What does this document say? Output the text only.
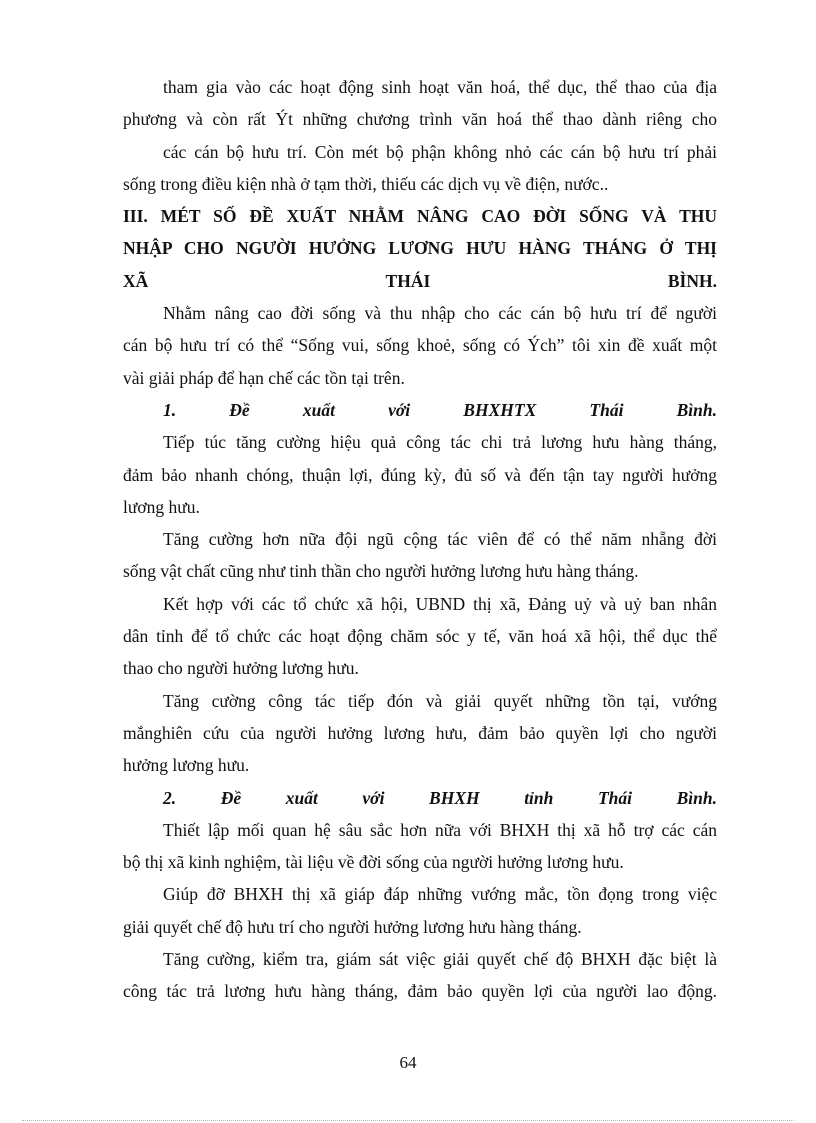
tham gia vào các hoạt động sinh hoạt văn hoá, thể dục, thể thao của địa
phương và còn rất Ýt những chương trình văn hoá thể thao dành riêng cho
các cán bộ hưu trí. Còn mét bộ phận không nhỏ các cán bộ hưu trí phải
sống trong điều kiện nhà ở tạm thời, thiếu các dịch vụ về điện, nước..
III. MÉT SỐ ĐỀ XUẤT NHẰM NÂNG CAO ĐỜI SỐNG VÀ THU
NHẬP CHO NGƯỜI HƯỞNG LƯƠNG HƯU HÀNG THÁNG Ở THỊ
XÃ THÁI BÌNH.
Nhằm nâng cao đời sống và thu nhập cho các cán bộ hưu trí để người
cán bộ hưu trí có thể “Sống vui, sống khoẻ, sống có Ých” tôi xin đề xuất một
vài giải pháp để hạn chế các tồn tại trên.
1. Đề xuất với BHXHTX Thái Bình.
Tiếp túc tăng cường hiệu quả công tác chi trả lương hưu hàng tháng,
đảm bảo nhanh chóng, thuận lợi, đúng kỳ, đủ số và đến tận tay người hưởng
lương hưu.
Tăng cường hơn nữa đội ngũ cộng tác viên để có thể năm nhẵng đời
sống vật chất cũng như tinh thần cho người hưởng lương hưu hàng tháng.
Kết hợp với các tổ chức xã hội, UBND thị xã, Đảng uỷ và uỷ ban nhân
dân tỉnh để tổ chức các hoạt động chăm sóc y tế, văn hoá xã hội, thể dục thể
thao cho người hưởng lương hưu.
Tăng cường công tác tiếp đón và giải quyết những tồn tại, vướng
mắnghiên cứu của người hưởng lương hưu, đảm bảo quyền lợi cho người
hưởng lương hưu.
2. Đề xuất với BHXH tỉnh Thái Bình.
Thiết lập mối quan hệ sâu sắc hơn nữa với BHXH thị xã hỗ trợ các cán
bộ thị xã kinh nghiệm, tài liệu về đời sống của người hưởng lương hưu.
Giúp đỡ BHXH thị xã giáp đáp những vướng mắc, tồn đọng trong việc
giải quyết chế độ hưu trí cho người hưởng lương hưu hàng tháng.
Tăng cường, kiểm tra, giám sát việc giải quyết chế độ BHXH đặc biệt là
công tác trả lương hưu hàng tháng, đảm bảo quyền lợi của người lao động.
64
